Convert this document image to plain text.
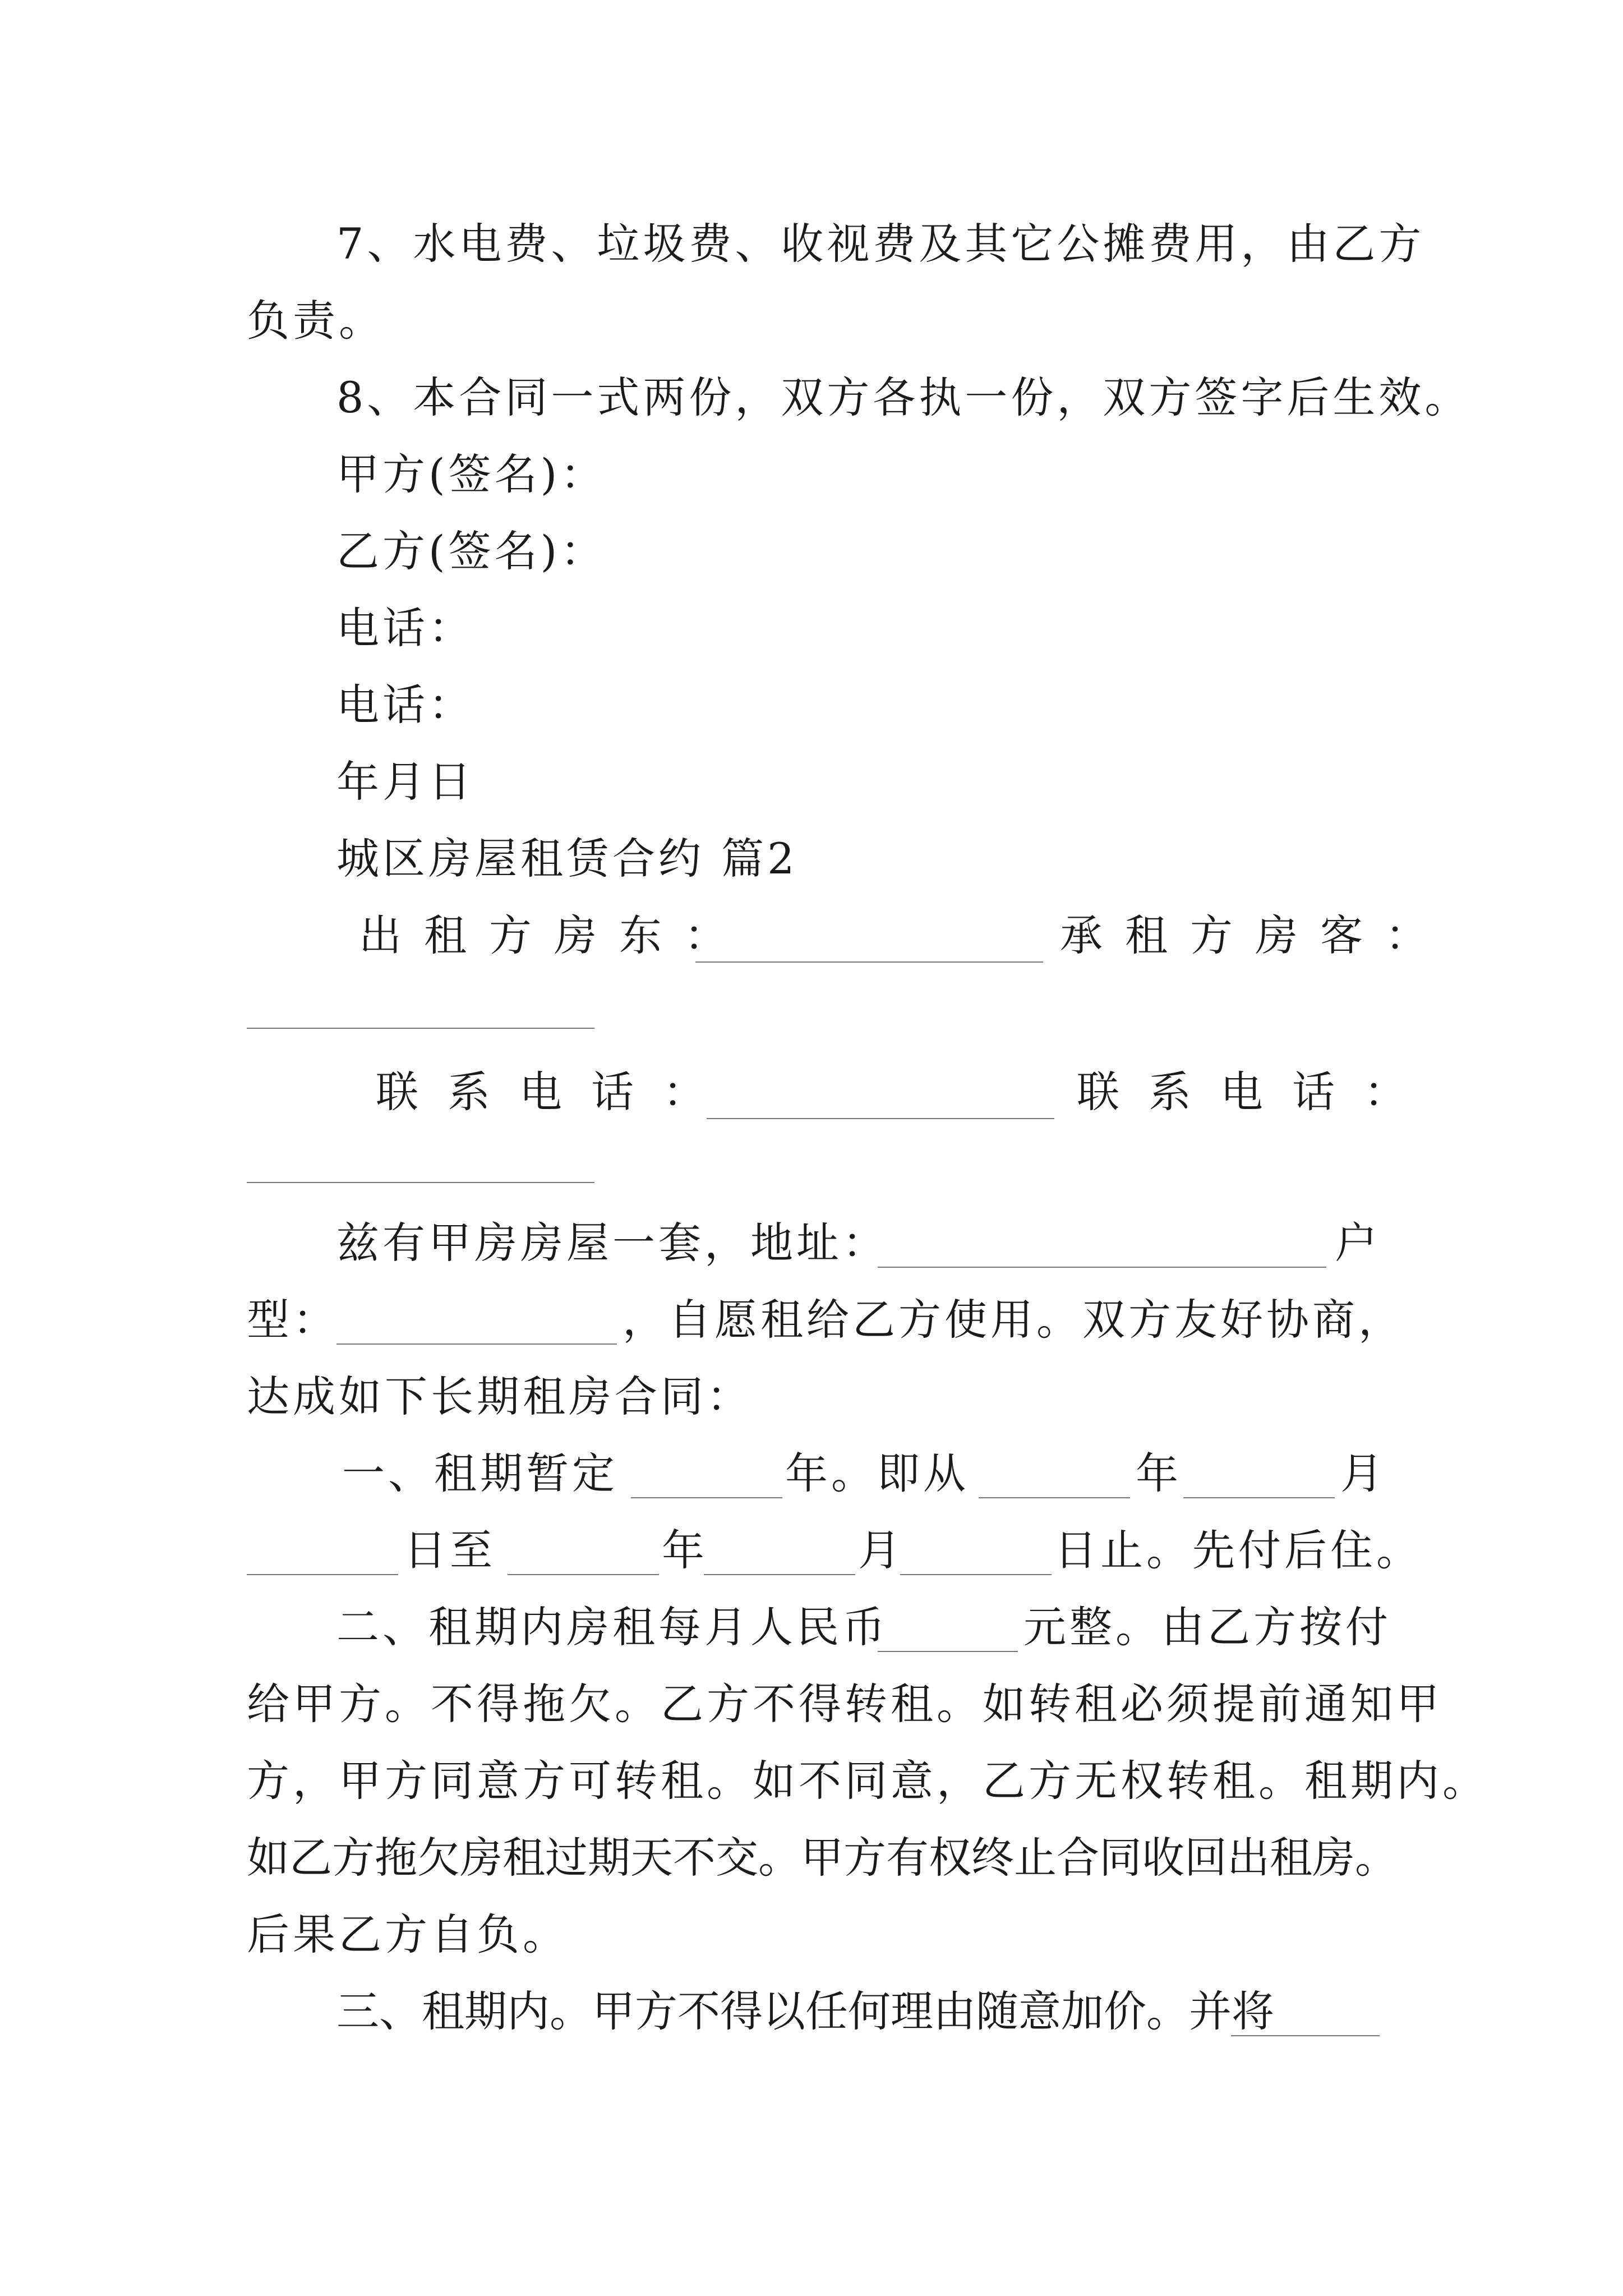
7、水电费、垃圾费、收视费及其它公摊费用，由乙方
负责。
8、本合同一式两份，双方各执一份，双方签字后生效。
甲方(签名)：
乙方(签名)：
电话：
电话：
年月日
城区房屋租赁合约 篇2
出租方房东：	承租方房客：
联系电话：	联系电话：
兹有甲房房屋一套，地址：	户
型：	，自愿租给乙方使用。双方友好协商，
达成如下长期租房合同：
一、租期暂定	年。即从	年	月
日至	年	月	日止。先付后住。
二、租期内房租每月人民币	元整。由乙方按付
给甲方。不得拖欠。乙方不得转租。如转租必须提前通知甲
方，甲方同意方可转租。如不同意，乙方无权转租。租期内。
如乙方拖欠房租过期天不交。甲方有权终止合同收回出租房。
后果乙方自负。
三、租期内。甲方不得以任何理由随意加价。并将
